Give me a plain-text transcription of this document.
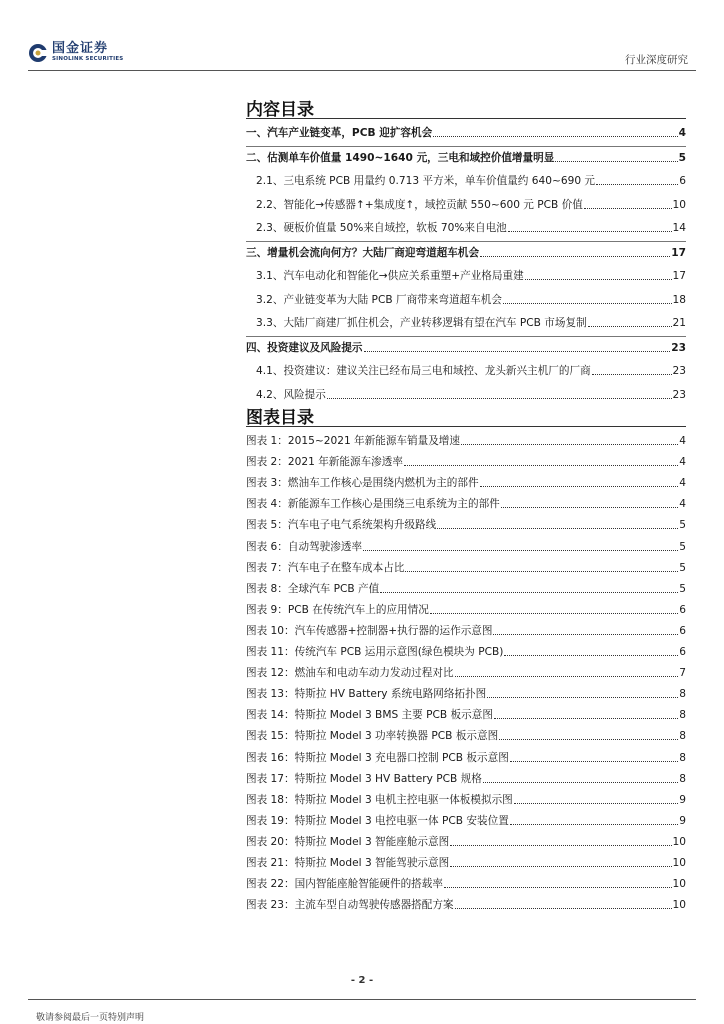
国金证券
SINOLINK SECURITIES	行业深度研究
内容目录
一、汽车产业链变革，PCB 迎扩容机会	4
二、估测单车价值量 1490~1640 元，三电和域控价值增量明显	5
2.1、三电系统 PCB 用量约 0.713 平方米，单车价值量约 640~690 元	6
2.2、智能化→传感器↑+集成度↑，域控贡献 550~600 元 PCB 价值	10
2.3、硬板价值量 50%来自域控，软板 70%来自电池	14
三、增量机会流向何方？大陆厂商迎弯道超车机会	17
3.1、汽车电动化和智能化→供应关系重塑+产业格局重建	17
3.2、产业链变革为大陆 PCB 厂商带来弯道超车机会	18
3.3、大陆厂商建厂抓住机会，产业转移逻辑有望在汽车 PCB 市场复制	21
四、投资建议及风险提示	23
4.1、投资建议：建议关注已经布局三电和域控、龙头新兴主机厂的厂商	23
4.2、风险提示	23
图表目录
图表 1：2015~2021 年新能源车销量及增速	4
图表 2：2021 年新能源车渗透率	4
图表 3：燃油车工作核心是围绕内燃机为主的部件	4
图表 4：新能源车工作核心是围绕三电系统为主的部件	4
图表 5：汽车电子电气系统架构升级路线	5
图表 6：自动驾驶渗透率	5
图表 7：汽车电子在整车成本占比	5
图表 8：全球汽车 PCB 产值	5
图表 9：PCB 在传统汽车上的应用情况	6
图表 10：汽车传感器+控制器+执行器的运作示意图	6
图表 11：传统汽车 PCB 运用示意图(绿色模块为 PCB)	6
图表 12：燃油车和电动车动力发动过程对比	7
图表 13：特斯拉 HV Battery 系统电路网络拓扑图	8
图表 14：特斯拉 Model 3 BMS 主要 PCB 板示意图	8
图表 15：特斯拉 Model 3 功率转换器 PCB 板示意图	8
图表 16：特斯拉 Model 3 充电器口控制 PCB 板示意图	8
图表 17：特斯拉 Model 3 HV Battery PCB 规格	8
图表 18：特斯拉 Model 3 电机主控电驱一体板模拟示图	9
图表 19：特斯拉 Model 3 电控电驱一体 PCB 安装位置	9
图表 20：特斯拉 Model 3 智能座舱示意图	10
图表 21：特斯拉 Model 3 智能驾驶示意图	10
图表 22：国内智能座舱智能硬件的搭载率	10
图表 23：主流车型自动驾驶传感器搭配方案	10
- 2 -
敬请参阅最后一页特别声明
